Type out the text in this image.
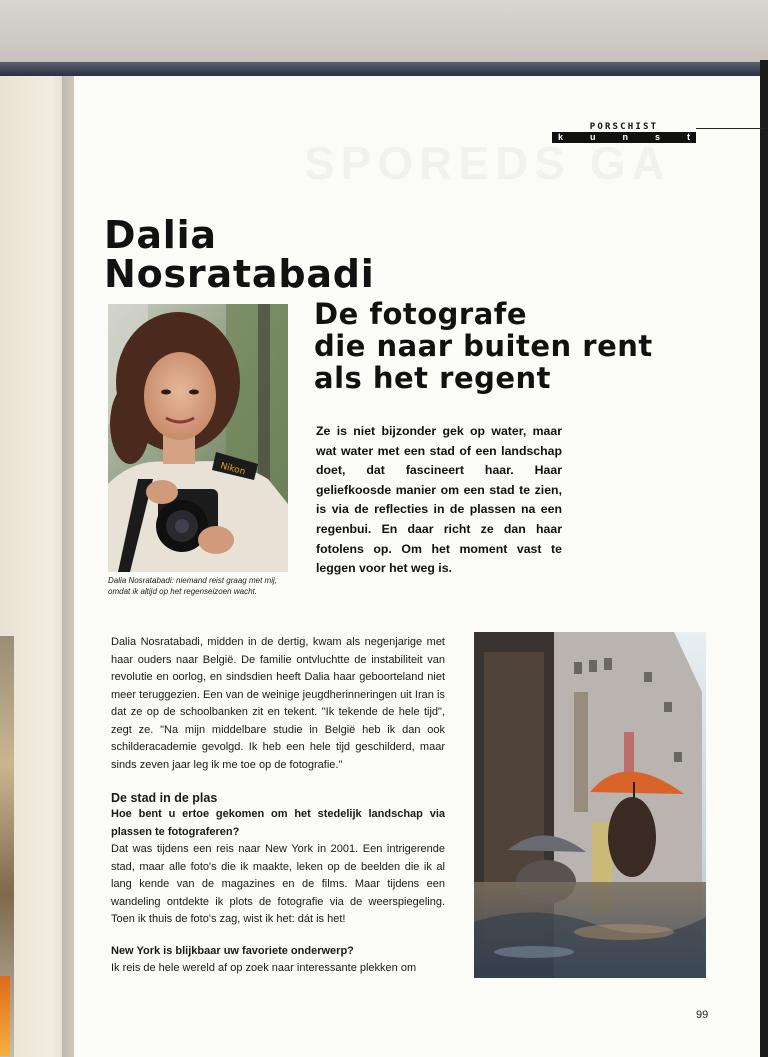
PORSCHIST
k	u	n	s	t
Dalia
Nosratabadi
De fotografe
die naar buiten rent
als het regent
Nikon
Dalia Nosratabadi: niemand reist graag met mij,
omdat ik altijd op het regenseizoen wacht.

Ze is niet bijzonder gek op water, maar wat water met een stad of een landschap doet, dat fascineert haar. Haar geliefkoosde manier om een stad te zien, is via de reflecties in de plassen na een regenbui. En daar richt ze dan haar fotolens op. Om het moment vast te leggen voor het weg is.

Dalia Nosratabadi, midden in de dertig, kwam als negenjarige met haar ouders naar België. De familie ontvluchtte de instabiliteit van revolutie en oorlog, en sindsdien heeft Dalia haar geboorteland niet meer teruggezien. Een van de weinige jeugdherinneringen uit Iran is dat ze op de schoolbanken zit en tekent. "Ik tekende de hele tijd", zegt ze. "Na mijn middelbare studie in België heb ik dan ook schilderacademie gevolgd. Ik heb een hele tijd geschilderd, maar sinds zeven jaar leg ik me toe op de fotografie."

De stad in de plas

Hoe bent u ertoe gekomen om het stedelijk landschap via plassen te fotograferen?

Dat was tijdens een reis naar New York in 2001. Een intrigerende stad, maar alle foto's die ik maakte, leken op de beelden die ik al lang kende van de magazines en de films. Maar tijdens een wandeling ontdekte ik plots de fotografie via de weerspiegeling. Toen ik thuis de foto's zag, wist ik het: dát is het!

New York is blijkbaar uw favoriete onderwerp?

Ik reis de hele wereld af op zoek naar interessante plekken om

99
